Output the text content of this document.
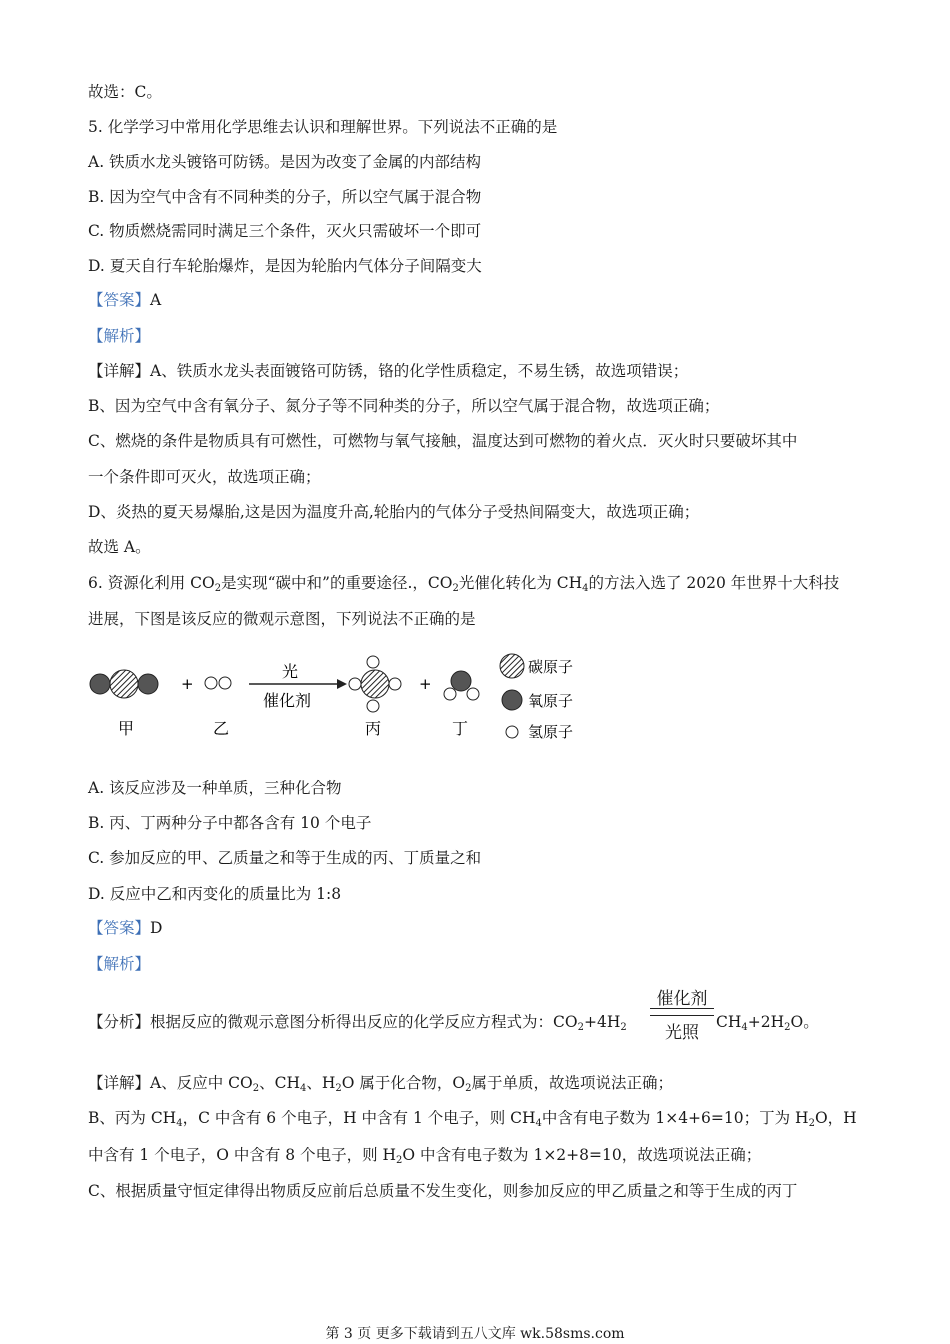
故选：C。
5. 化学学习中常用化学思维去认识和理解世界。下列说法不正确的是
A. 铁质水龙头镀铬可防锈。是因为改变了金属的内部结构
B. 因为空气中含有不同种类的分子，所以空气属于混合物
C. 物质燃烧需同时满足三个条件，灭火只需破坏一个即可
D. 夏天自行车轮胎爆炸，是因为轮胎内气体分子间隔变大
【答案】A
【解析】
【详解】A、铁质水龙头表面镀铬可防锈，铬的化学性质稳定，不易生锈，故选项错误；
B、因为空气中含有氧分子、氮分子等不同种类的分子，所以空气属于混合物，故选项正确；
C、燃烧的条件是物质具有可燃性，可燃物与氧气接触，温度达到可燃物的着火点．灭火时只要破坏其中
一个条件即可灭火，故选项正确；
D、炎热的夏天易爆胎,这是因为温度升高,轮胎内的气体分子受热间隔变大，故选项正确；
故选 A。
6. 资源化利用 $CO_2$是实现“碳中和”的重要途径.，$CO_2$光催化转化为 $CH_4$的方法入选了 2020 年世界十大科技
进展，下图是该反应的微观示意图，下列说法不正确的是
+
光
催化剂
+
甲	乙	丙	丁
碳原子
氧原子
氢原子
A. 该反应涉及一种单质，三种化合物
B. 丙、丁两种分子中都各含有 10 个电子
C. 参加反应的甲、乙质量之和等于生成的丙、丁质量之和
D. 反应中乙和丙变化的质量比为 1:8
【答案】D
【解析】
【分析】根据反应的微观示意图分析得出反应的化学反应方程式为：$CO_2+4H_2$
催化剂
光照
$CH_4+2H_2O$。
【详解】A、反应中 $CO_2$、$CH_4$、$H_2O$ 属于化合物，$O_2$属于单质，故选项说法正确；
B、丙为 $CH_4$，C 中含有 6 个电子，H 中含有 1 个电子，则 $CH_4$中含有电子数为 1×4+6=10；丁为 $H_2O$，H
中含有 1 个电子，O 中含有 8 个电子，则 $H_2O$ 中含有电子数为 1×2+8=10，故选项说法正确；
C、根据质量守恒定律得出物质反应前后总质量不发生变化，则参加反应的甲乙质量之和等于生成的丙丁
第 3 页 更多下载请到五八文库 wk.58sms.com
